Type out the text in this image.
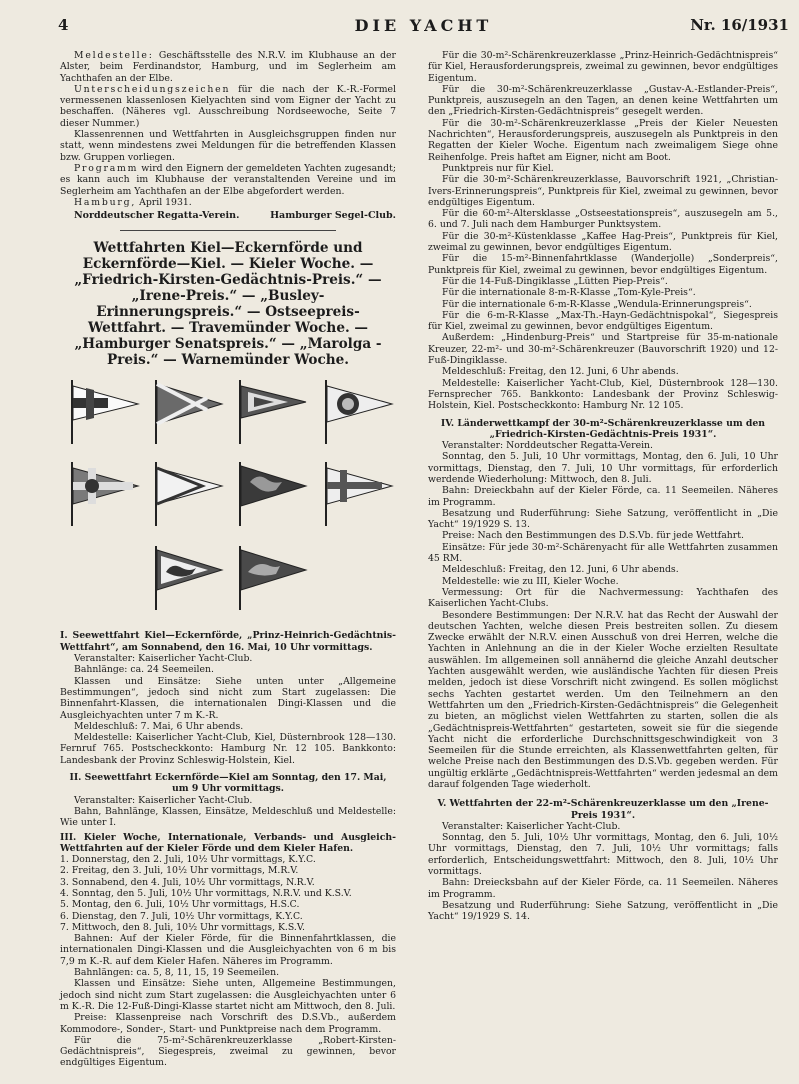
4	DIE YACHT	Nr. 16/1931

Meldestelle: Geschäftsstelle des N.R.V. im Klubhause an der Alster, beim Ferdinandstor, Hamburg, und im Seglerheim am Yachthafen an der Elbe.

Unterscheidungszeichen für die nach der K.-R.-Formel vermessenen klassenlosen Kielyachten sind vom Eigner der Yacht zu beschaffen. (Näheres vgl. Ausschreibung Nordseewoche, Seite 7 dieser Nummer.)

Klassenrennen und Wettfahrten in Ausgleichsgruppen finden nur statt, wenn mindestens zwei Meldungen für die betreffenden Klassen bzw. Gruppen vorliegen.

Programm wird den Eignern der gemeldeten Yachten zugesandt; es kann auch im Klubhause der veranstaltenden Vereine und im Seglerheim am Yachthafen an der Elbe abgefordert werden.

Hamburg, April 1931.

Norddeutscher Regatta-Verein.	Hamburger Segel-Club.
Wettfahrten Kiel—Eckernförde und Eckernförde—Kiel. — Kieler Woche. — „Friedrich-Kirsten-Gedächtnis-Preis.“ — „Irene-Preis.“ — „Busley-Erinnerungspreis.“ — Ostseepreis-Wettfahrt. — Travemünder Woche. — „Hamburger Senatspreis.“ — „Marolga - Preis.“ — Warnemünder Woche.

I. Seewettfahrt Kiel—Eckernförde, „Prinz-Heinrich-Gedächtnis-Wettfahrt“, am Sonnabend, den 16. Mai, 10 Uhr vormittags.

Veranstalter: Kaiserlicher Yacht-Club.

Bahnlänge: ca. 24 Seemeilen.

Klassen und Einsätze: Siehe unten unter „Allgemeine Bestimmungen“, jedoch sind nicht zum Start zugelassen: Die Binnenfahrt-Klassen, die internationalen Dingi-Klassen und die Ausgleichyachten unter 7 m K.-R.

Meldeschluß: 7. Mai, 6 Uhr abends.

Meldestelle: Kaiserlicher Yacht-Club, Kiel, Düsternbrook 128—130. Fernruf 765. Postscheckkonto: Hamburg Nr. 12 105. Bankkonto: Landesbank der Provinz Schleswig-Holstein, Kiel.

II. Seewettfahrt Eckernförde—Kiel am Sonntag, den 17. Mai, um 9 Uhr vormittags.

Veranstalter: Kaiserlicher Yacht-Club.

Bahn, Bahnlänge, Klassen, Einsätze, Meldeschluß und Meldestelle: Wie unter I.

III. Kieler Woche, Internationale, Verbands- und Ausgleich-Wettfahrten auf der Kieler Förde und dem Kieler Hafen.

1. Donnerstag, den 2. Juli, 10½ Uhr vormittags, K.Y.C.

2. Freitag, den 3. Juli, 10½ Uhr vormittags, M.R.V.

3. Sonnabend, den 4. Juli, 10½ Uhr vormittags, N.R.V.

4. Sonntag, den 5. Juli, 10½ Uhr vormittags, N.R.V. und K.S.V.

5. Montag, den 6. Juli, 10½ Uhr vormittags, H.S.C.

6. Dienstag, den 7. Juli, 10½ Uhr vormittags, K.Y.C.

7. Mittwoch, den 8. Juli, 10½ Uhr vormittags, K.S.V.

Bahnen: Auf der Kieler Förde, für die Binnenfahrtklassen, die internationalen Dingi-Klassen und die Ausgleichyachten von 6 m bis 7,9 m K.-R. auf dem Kieler Hafen. Näheres im Programm.

Bahnlängen: ca. 5, 8, 11, 15, 19 Seemeilen.

Klassen und Einsätze: Siehe unten, Allgemeine Bestimmungen, jedoch sind nicht zum Start zugelassen: die Ausgleichyachten unter 6 m K.-R. Die 12-Fuß-Dingi-Klasse startet nicht am Mittwoch, den 8. Juli.

Preise: Klassenpreise nach Vorschrift des D.S.Vb., außerdem Kommodore-, Sonder-, Start- und Punktpreise nach dem Programm.

Für die 75-m²-Schärenkreuzerklasse „Robert-Kirsten-Gedächtnispreis“, Siegespreis, zweimal zu gewinnen, bevor endgültiges Eigentum.

Für die 30-m²-Schärenkreuzerklasse „Prinz-Heinrich-Gedächtnispreis“ für Kiel, Herausforderungspreis, zweimal zu gewinnen, bevor endgültiges Eigentum.

Für die 30-m²-Schärenkreuzerklasse „Gustav-A.-Estlander-Preis“, Punktpreis, auszusegeln an den Tagen, an denen keine Wettfahrten um den „Friedrich-Kirsten-Gedächtnispreis“ gesegelt werden.

Für die 30-m²-Schärenkreuzerklasse „Preis der Kieler Neuesten Nachrichten“, Herausforderungspreis, auszusegeln als Punktpreis in den Regatten der Kieler Woche. Eigentum nach zweimaligem Siege ohne Reihenfolge. Preis haftet am Eigner, nicht am Boot.

Punktpreis nur für Kiel.

Für die 30-m²-Schärenkreuzerklasse, Bauvorschrift 1921, „Christian-Ivers-Erinnerungspreis“, Punktpreis für Kiel, zweimal zu gewinnen, bevor endgültiges Eigentum.

Für die 60-m²-Altersklasse „Ostseestationspreis“, auszusegeln am 5., 6. und 7. Juli nach dem Hamburger Punktsystem.

Für die 30-m²-Küstenklasse „Kaffee Hag-Preis“, Punktpreis für Kiel, zweimal zu gewinnen, bevor endgültiges Eigentum.

Für die 15-m²-Binnenfahrtklasse (Wanderjolle) „Sonderpreis“, Punktpreis für Kiel, zweimal zu gewinnen, bevor endgültiges Eigentum.

Für die 14-Fuß-Dingiklasse „Lütten Piep-Preis“.

Für die internationale 8-m-R-Klasse „Tom-Kyle-Preis“.

Für die internationale 6-m-R-Klasse „Wendula-Erinnerungspreis“.

Für die 6-m-R-Klasse „Max-Th.-Hayn-Gedächtnispokal“, Siegespreis für Kiel, zweimal zu gewinnen, bevor endgültiges Eigentum.

Außerdem: „Hindenburg-Preis“ und Startpreise für 35-m-nationale Kreuzer, 22-m²- und 30-m²-Schärenkreuzer (Bauvorschrift 1920) und 12-Fuß-Dingiklasse.

Meldeschluß: Freitag, den 12. Juni, 6 Uhr abends.

Meldestelle: Kaiserlicher Yacht-Club, Kiel, Düsternbrook 128—130. Fernsprecher 765. Bankkonto: Landesbank der Provinz Schleswig-Holstein, Kiel. Postscheckkonto: Hamburg Nr. 12 105.

IV. Länderwettkampf der 30-m²-Schärenkreuzerklasse um den „Friedrich-Kirsten-Gedächtnis-Preis 1931“.

Veranstalter: Norddeutscher Regatta-Verein.

Sonntag, den 5. Juli, 10 Uhr vormittags, Montag, den 6. Juli, 10 Uhr vormittags, Dienstag, den 7. Juli, 10 Uhr vormittags, für erforderlich werdende Wiederholung: Mittwoch, den 8. Juli.

Bahn: Dreieckbahn auf der Kieler Förde, ca. 11 Seemeilen. Näheres im Programm.

Besatzung und Ruderführung: Siehe Satzung, veröffentlicht in „Die Yacht“ 19/1929 S. 13.

Preise: Nach den Bestimmungen des D.S.Vb. für jede Wettfahrt.

Einsätze: Für jede 30-m²-Schärenyacht für alle Wettfahrten zusammen 45 RM.

Meldeschluß: Freitag, den 12. Juni, 6 Uhr abends.

Meldestelle: wie zu III, Kieler Woche.

Vermessung: Ort für die Nachvermessung: Yachthafen des Kaiserlichen Yacht-Clubs.

Besondere Bestimmungen: Der N.R.V. hat das Recht der Auswahl der deutschen Yachten, welche diesen Preis bestreiten sollen. Zu diesem Zwecke erwählt der N.R.V. einen Ausschuß von drei Herren, welche die Yachten in Anlehnung an die in der Kieler Woche erzielten Resultate auswählen. Im allgemeinen soll annähernd die gleiche Anzahl deutscher Yachten ausgewählt werden, wie ausländische Yachten für diesen Preis melden, jedoch ist diese Vorschrift nicht zwingend. Es sollen möglichst sechs Yachten gestartet werden. Um den Teilnehmern an den Wettfahrten um den „Friedrich-Kirsten-Gedächtnispreis“ die Gelegenheit zu bieten, an möglichst vielen Wettfahrten zu starten, sollen die als „Gedächtnispreis-Wettfahrten“ gestarteten, soweit sie für die siegende Yacht nicht die erforderliche Durchschnittsgeschwindigkeit von 3 Seemeilen für die Stunde erreichten, als Klassenwettfahrten gelten, für welche Preise nach den Bestimmungen des D.S.Vb. gegeben werden. Für ungültig erklärte „Gedächtnispreis-Wettfahrten“ werden jedesmal an dem darauf folgenden Tage wiederholt.

V. Wettfahrten der 22-m²-Schärenkreuzerklasse um den „Irene-Preis 1931“.

Veranstalter: Kaiserlicher Yacht-Club.

Sonntag, den 5. Juli, 10½ Uhr vormittags, Montag, den 6. Juli, 10½ Uhr vormittags, Dienstag, den 7. Juli, 10½ Uhr vormittags; falls erforderlich, Entscheidungswettfahrt: Mittwoch, den 8. Juli, 10½ Uhr vormittags.

Bahn: Dreiecksbahn auf der Kieler Förde, ca. 11 Seemeilen. Näheres im Programm.

Besatzung und Ruderführung: Siehe Satzung, veröffentlicht in „Die Yacht“ 19/1929 S. 14.
